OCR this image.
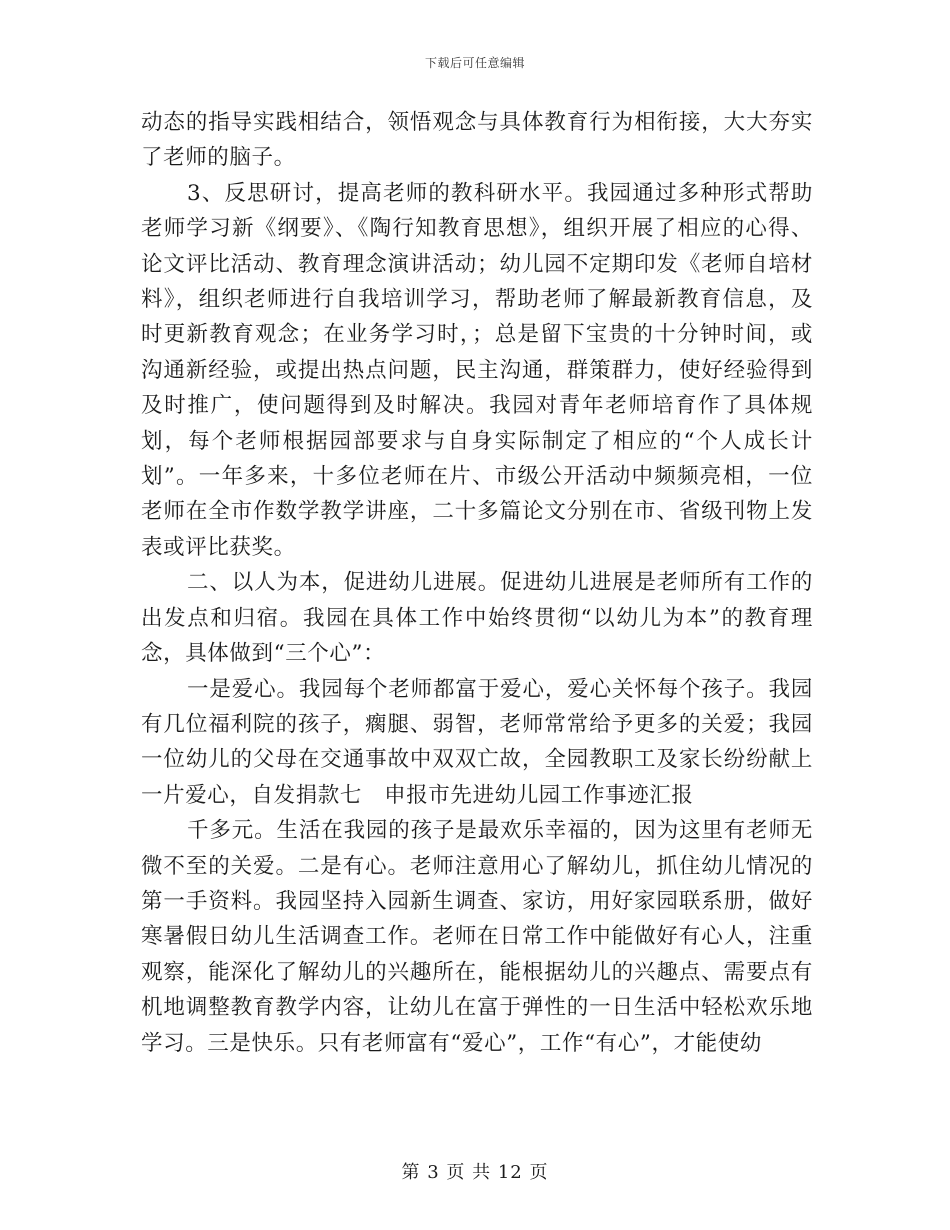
下载后可任意编辑

动态的指导实践相结合，领悟观念与具体教育行为相衔接，大大夯实了老师的脑子。

3、反思研讨，提高老师的教科研水平。我园通过多种形式帮助老师学习新《纲要》、《陶行知教育思想》，组织开展了相应的心得、论文评比活动、教育理念演讲活动；幼儿园不定期印发《老师自培材料》，组织老师进行自我培训学习，帮助老师了解最新教育信息，及时更新教育观念；在业务学习时，；总是留下宝贵的十分钟时间，或沟通新经验，或提出热点问题，民主沟通，群策群力，使好经验得到及时推广，使问题得到及时解决。我园对青年老师培育作了具体规划，每个老师根据园部要求与自身实际制定了相应的“个人成长计划”。一年多来，十多位老师在片、市级公开活动中频频亮相，一位老师在全市作数学教学讲座，二十多篇论文分别在市、省级刊物上发表或评比获奖。

二、以人为本，促进幼儿进展。促进幼儿进展是老师所有工作的出发点和归宿。我园在具体工作中始终贯彻“以幼儿为本”的教育理念，具体做到“三个心”：

一是爱心。我园每个老师都富于爱心，爱心关怀每个孩子。我园有几位福利院的孩子，瘸腿、弱智，老师常常给予更多的关爱；我园一位幼儿的父母在交通事故中双双亡故，全园教职工及家长纷纷献上一片爱心，自发捐款七　申报市先进幼儿园工作事迹汇报

千多元。生活在我园的孩子是最欢乐幸福的，因为这里有老师无微不至的关爱。二是有心。老师注意用心了解幼儿，抓住幼儿情况的第一手资料。我园坚持入园新生调查、家访，用好家园联系册，做好寒暑假日幼儿生活调查工作。老师在日常工作中能做好有心人，注重观察，能深化了解幼儿的兴趣所在，能根据幼儿的兴趣点、需要点有机地调整教育教学内容，让幼儿在富于弹性的一日生活中轻松欢乐地学习。三是快乐。只有老师富有“爱心”，工作“有心”，才能使幼

第 3 页 共 12 页
